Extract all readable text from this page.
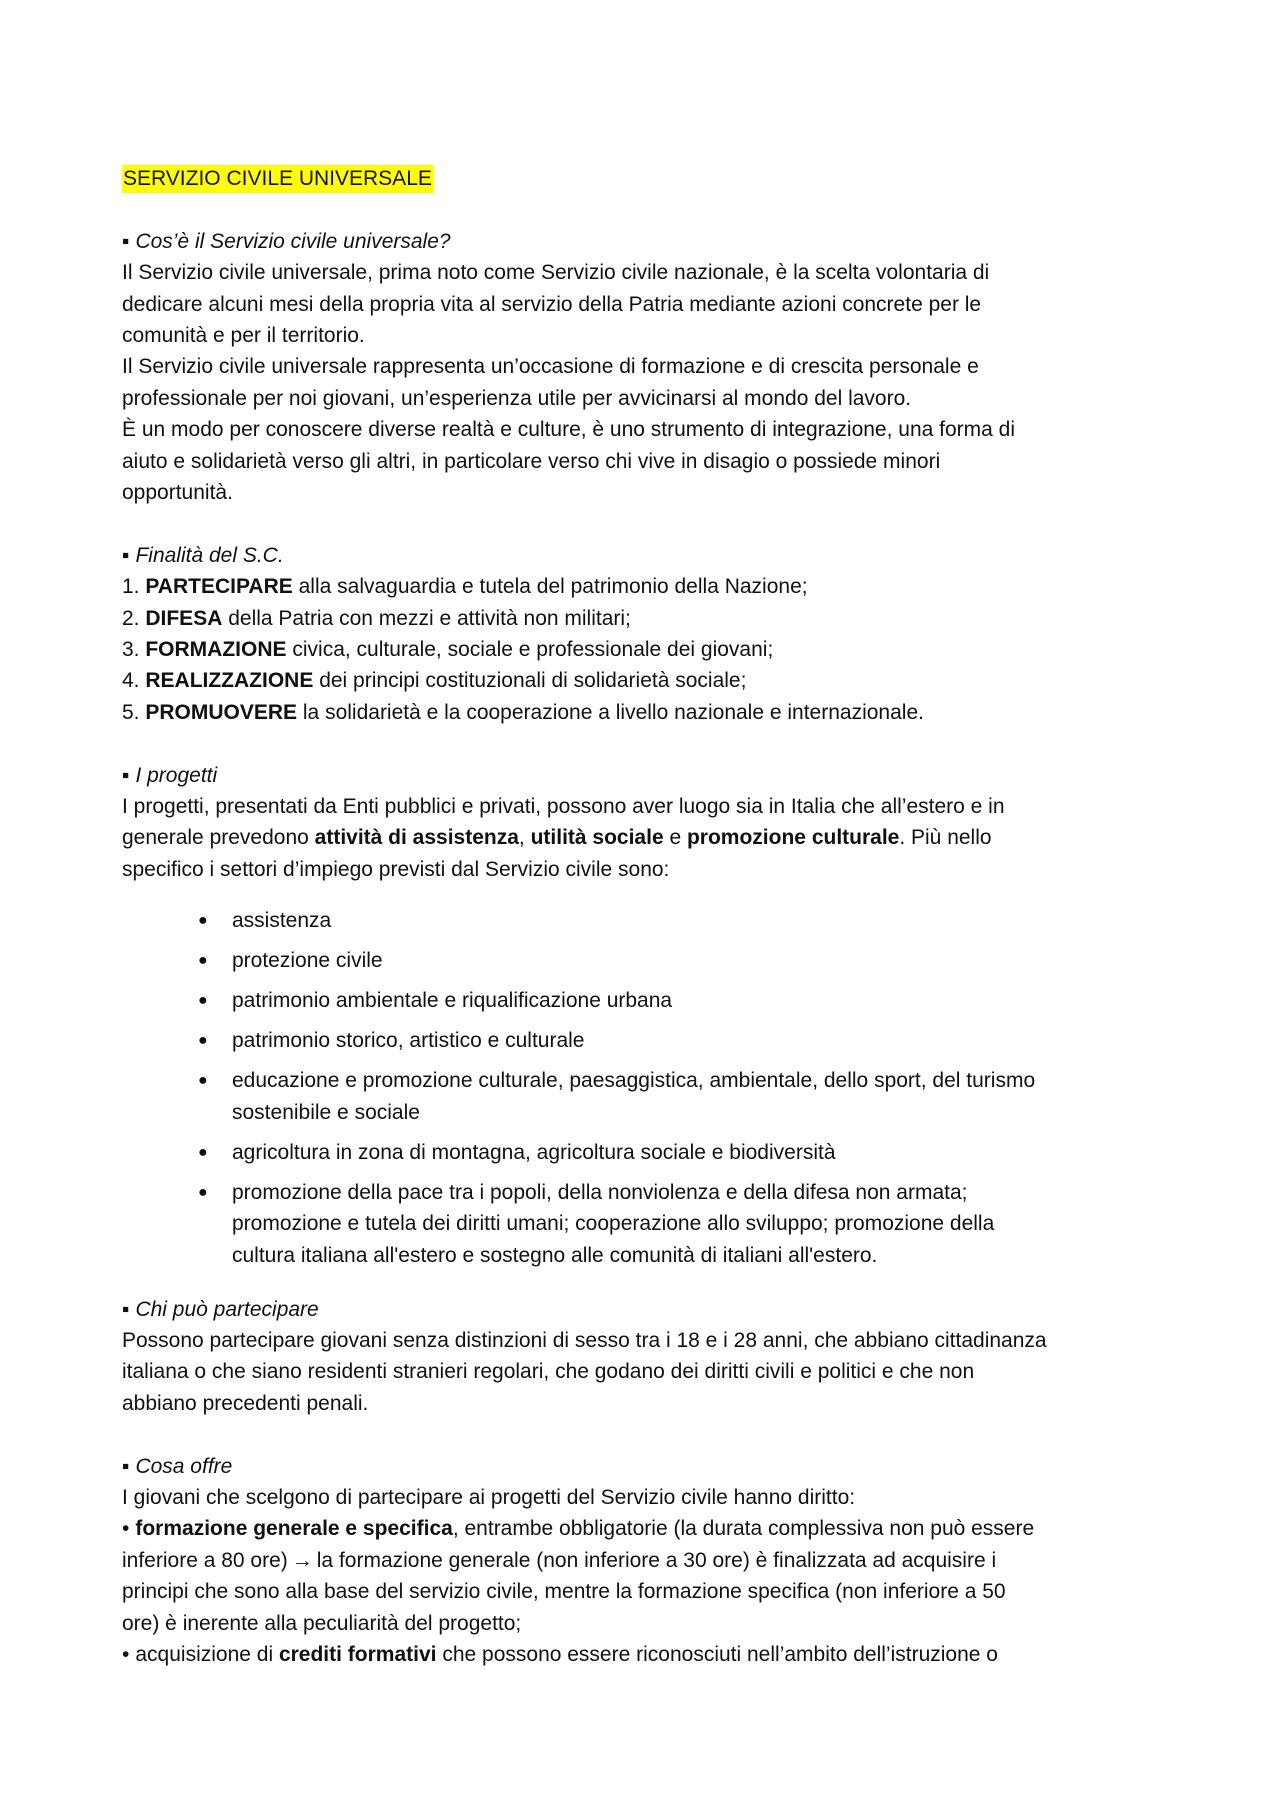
SERVIZIO CIVILE UNIVERSALE

▪ Cos’è il Servizio civile universale?

Il Servizio civile universale, prima noto come Servizio civile nazionale, è la scelta volontaria di

dedicare alcuni mesi della propria vita al servizio della Patria mediante azioni concrete per le

comunità e per il territorio.

Il Servizio civile universale rappresenta un’occasione di formazione e di crescita personale e

professionale per noi giovani, un’esperienza utile per avvicinarsi al mondo del lavoro.

È un modo per conoscere diverse realtà e culture, è uno strumento di integrazione, una forma di

aiuto e solidarietà verso gli altri, in particolare verso chi vive in disagio o possiede minori

opportunità.

▪ Finalità del S.C.

1. PARTECIPARE alla salvaguardia e tutela del patrimonio della Nazione;

2. DIFESA della Patria con mezzi e attività non militari;

3. FORMAZIONE civica, culturale, sociale e professionale dei giovani;

4. REALIZZAZIONE dei principi costituzionali di solidarietà sociale;

5. PROMUOVERE la solidarietà e la cooperazione a livello nazionale e internazionale.

▪ I progetti

I progetti, presentati da Enti pubblici e privati, possono aver luogo sia in Italia che all’estero e in

generale prevedono attività di assistenza, utilità sociale e promozione culturale. Più nello

specifico i settori d’impiego previsti dal Servizio civile sono:

● assistenza
● protezione civile
● patrimonio ambientale e riqualificazione urbana
● patrimonio storico, artistico e culturale
● educazione e promozione culturale, paesaggistica, ambientale, dello sport, del turismo
sostenibile e sociale
● agricoltura in zona di montagna, agricoltura sociale e biodiversità
● promozione della pace tra i popoli, della nonviolenza e della difesa non armata;
promozione e tutela dei diritti umani; cooperazione allo sviluppo; promozione della
cultura italiana all'estero e sostegno alle comunità di italiani all'estero.

▪ Chi può partecipare

Possono partecipare giovani senza distinzioni di sesso tra i 18 e i 28 anni, che abbiano cittadinanza

italiana o che siano residenti stranieri regolari, che godano dei diritti civili e politici e che non

abbiano precedenti penali.

▪ Cosa offre

I giovani che scelgono di partecipare ai progetti del Servizio civile hanno diritto:

• formazione generale e specifica, entrambe obbligatorie (la durata complessiva non può essere

inferiore a 80 ore) → la formazione generale (non inferiore a 30 ore) è finalizzata ad acquisire i

principi che sono alla base del servizio civile, mentre la formazione specifica (non inferiore a 50

ore) è inerente alla peculiarità del progetto;

• acquisizione di crediti formativi che possono essere riconosciuti nell’ambito dell’istruzione o
